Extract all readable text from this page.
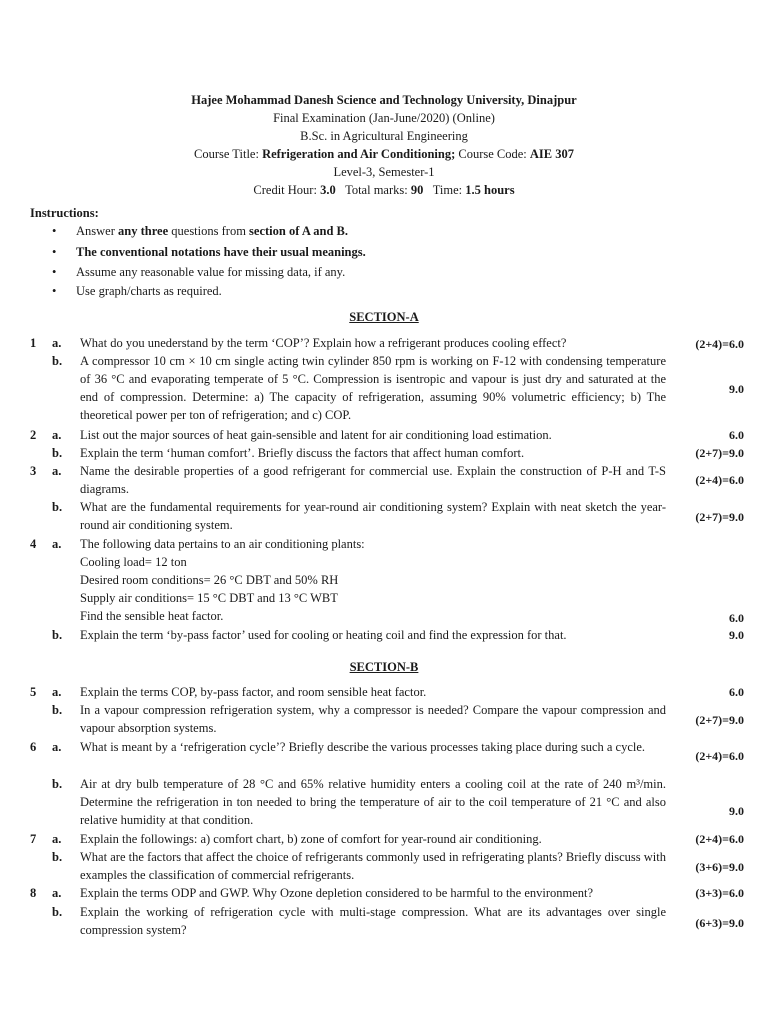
Hajee Mohammad Danesh Science and Technology University, Dinajpur
Final Examination (Jan-June/2020) (Online)
B.Sc. in Agricultural Engineering
Course Title: Refrigeration and Air Conditioning; Course Code: AIE 307
Level-3, Semester-1
Credit Hour: 3.0 Total marks: 90 Time: 1.5 hours
Instructions:
• Answer any three questions from section of A and B.
• The conventional notations have their usual meanings.
• Assume any reasonable value for missing data, if any.
• Use graph/charts as required.
SECTION-A
1 a. What do you unederstand by the term ‘COP’? Explain how a refrigerant produces cooling effect?	(2+4)=6.0
b. A compressor 10 cm × 10 cm single acting twin cylinder 850 rpm is working on F-12 with condensing temperature of 36 °C and evaporating temperate of 5 °C. Compression is isentropic and vapour is just dry and saturated at the end of compression. Determine: a) The capacity of refrigeration, assuming 90% volumetric efficiency; b) The theoretical power per ton of refrigeration; and c) COP.
9.0
2 a. List out the major sources of heat gain-sensible and latent for air conditioning load estimation.	6.0
b. Explain the term ‘human comfort’. Briefly discuss the factors that affect human comfort.	(2+7)=9.0
3 a. Name the desirable properties of a good refrigerant for commercial use. Explain the construction of P-H and T-S diagrams.
(2+4)=6.0
b. What are the fundamental requirements for year-round air conditioning system? Explain with neat sketch the year-round air conditioning system.
(2+7)=9.0
4 a. The following data pertains to an air conditioning plants:
Cooling load= 12 ton
Desired room conditions= 26 °C DBT and 50% RH
Supply air conditions= 15 °C DBT and 13 °C WBT
Find the sensible heat factor.	6.0
b. Explain the term ‘by-pass factor’ used for cooling or heating coil and find the expression for that.	9.0
SECTION-B
5 a. Explain the terms COP, by-pass factor, and room sensible heat factor.	6.0
b. In a vapour compression refrigeration system, why a compressor is needed? Compare the vapour compression and vapour absorption systems.
(2+7)=9.0
6 a. What is meant by a ‘refrigeration cycle’? Briefly describe the various processes taking place during such a cycle.
(2+4)=6.0
b. Air at dry bulb temperature of 28 °C and 65% relative humidity enters a cooling coil at the rate of 240 m³/min. Determine the refrigeration in ton needed to bring the temperature of air to the coil temperature of 21 °C and also relative humidity at that condition.
9.0
7 a. Explain the followings: a) comfort chart, b) zone of comfort for year-round air conditioning.	(2+4)=6.0
b. What are the factors that affect the choice of refrigerants commonly used in refrigerating plants? Briefly discuss with examples the classification of commercial refrigerants.
(3+6)=9.0
8 a. Explain the terms ODP and GWP. Why Ozone depletion considered to be harmful to the environment?	(3+3)=6.0
b. Explain the working of refrigeration cycle with multi-stage compression. What are its advantages over single compression system?	(6+3)=9.0
